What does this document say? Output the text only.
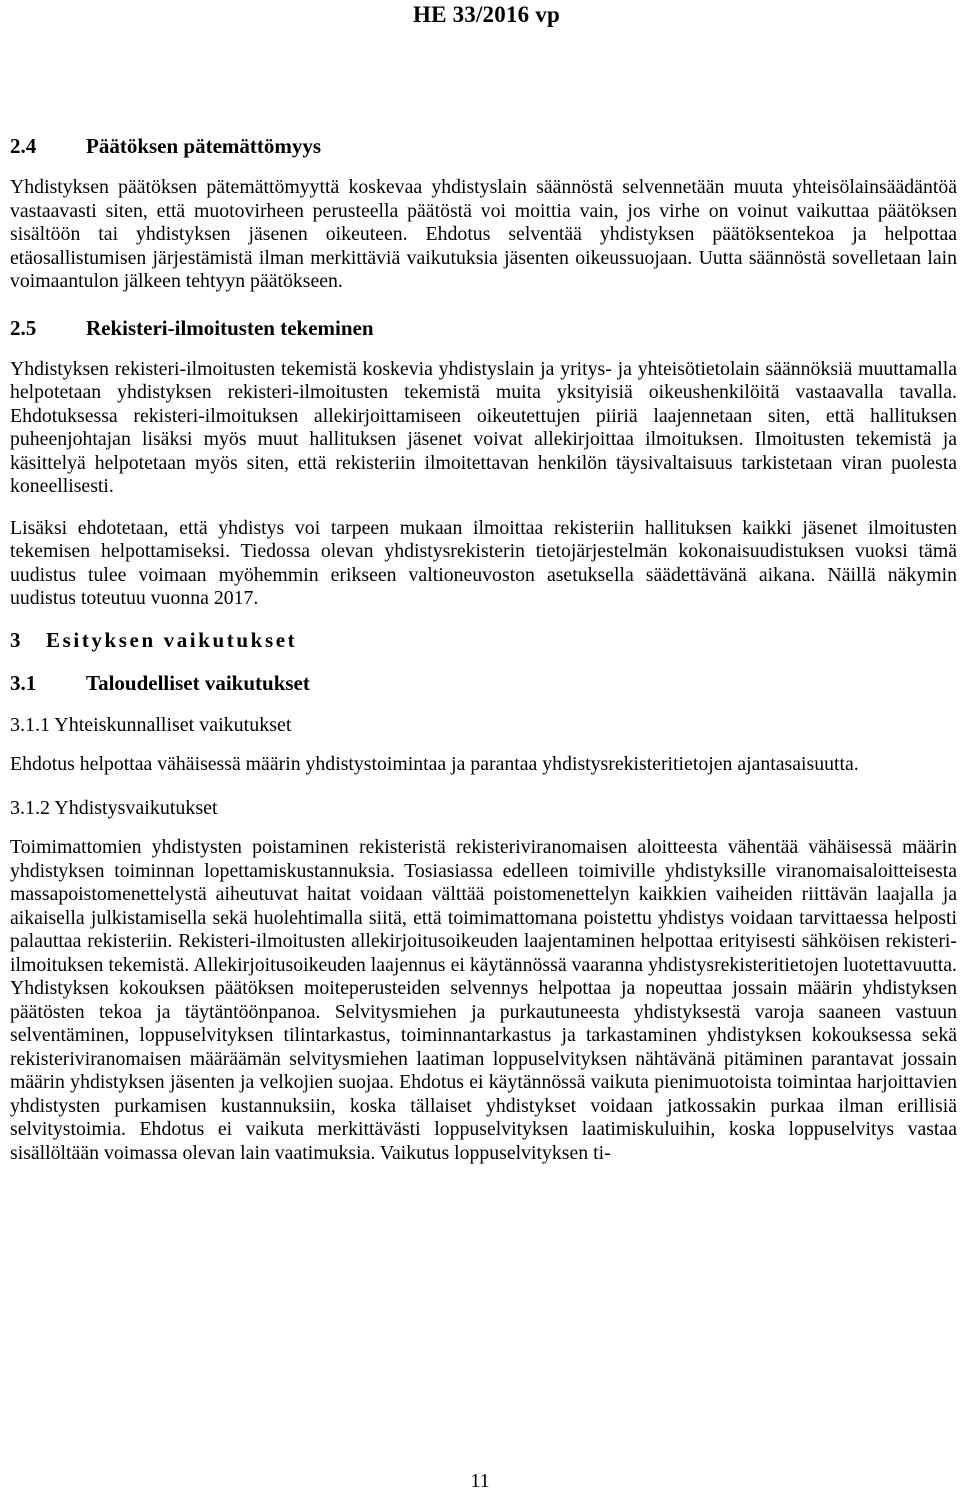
HE 33/2016 vp
2.4 Päätöksen pätemättömyys

Yhdistyksen päätöksen pätemättömyyttä koskevaa yhdistyslain säännöstä selvennetään muuta yhteisölainsäädäntöä vastaavasti siten, että muotovirheen perusteella päätöstä voi moittia vain, jos virhe on voinut vaikuttaa päätöksen sisältöön tai yhdistyksen jäsenen oikeuteen. Ehdotus selventää yhdistyksen päätöksentekoa ja helpottaa etäosallistumisen järjestämistä ilman merkittäviä vaikutuksia jäsenten oikeussuojaan. Uutta säännöstä sovelletaan lain voimaantulon jälkeen tehtyyn päätökseen.

2.5 Rekisteri-ilmoitusten tekeminen

Yhdistyksen rekisteri-ilmoitusten tekemistä koskevia yhdistyslain ja yritys- ja yhteisötietolain säännöksiä muuttamalla helpotetaan yhdistyksen rekisteri-ilmoitusten tekemistä muita yksityisiä oikeushenkilöitä vastaavalla tavalla. Ehdotuksessa rekisteri-ilmoituksen allekirjoittamiseen oikeutettujen piiriä laajennetaan siten, että hallituksen puheenjohtajan lisäksi myös muut hallituksen jäsenet voivat allekirjoittaa ilmoituksen. Ilmoitusten tekemistä ja käsittelyä helpotetaan myös siten, että rekisteriin ilmoitettavan henkilön täysivaltaisuus tarkistetaan viran puolesta koneellisesti.

Lisäksi ehdotetaan, että yhdistys voi tarpeen mukaan ilmoittaa rekisteriin hallituksen kaikki jäsenet ilmoitusten tekemisen helpottamiseksi. Tiedossa olevan yhdistysrekisterin tietojärjestelmän kokonaisuudistuksen vuoksi tämä uudistus tulee voimaan myöhemmin erikseen valtioneuvoston asetuksella säädettävänä aikana. Näillä näkymin uudistus toteutuu vuonna 2017.

3 Esityksen vaikutukset
3.1 Taloudelliset vaikutukset
3.1.1 Yhteiskunnalliset vaikutukset

Ehdotus helpottaa vähäisessä määrin yhdistystoimintaa ja parantaa yhdistysrekisteritietojen ajantasaisuutta.

3.1.2 Yhdistysvaikutukset

Toimimattomien yhdistysten poistaminen rekisteristä rekisteriviranomaisen aloitteesta vähentää vähäisessä määrin yhdistyksen toiminnan lopettamiskustannuksia. Tosiasiassa edelleen toimiville yhdistyksille viranomaisaloitteisesta massapoistomenettelystä aiheutuvat haitat voidaan välttää poistomenettelyn kaikkien vaiheiden riittävän laajalla ja aikaisella julkistamisella sekä huolehtimalla siitä, että toimimattomana poistettu yhdistys voidaan tarvittaessa helposti palauttaa rekisteriin. Rekisteri-ilmoitusten allekirjoitusoikeuden laajentaminen helpottaa erityisesti sähköisen rekisteri-ilmoituksen tekemistä. Allekirjoitusoikeuden laajennus ei käytännössä vaaranna yhdistysrekisteritietojen luotettavuutta. Yhdistyksen kokouksen päätöksen moiteperusteiden selvennys helpottaa ja nopeuttaa jossain määrin yhdistyksen päätösten tekoa ja täytäntöönpanoa. Selvitysmiehen ja purkautuneesta yhdistyksestä varoja saaneen vastuun selventäminen, loppuselvityksen tilintarkastus, toiminnantarkastus ja tarkastaminen yhdistyksen kokouksessa sekä rekisteriviranomaisen määräämän selvitysmiehen laatiman loppuselvityksen nähtävänä pitäminen parantavat jossain määrin yhdistyksen jäsenten ja velkojien suojaa. Ehdotus ei käytännössä vaikuta pienimuotoista toimintaa harjoittavien yhdistysten purkamisen kustannuksiin, koska tällaiset yhdistykset voidaan jatkossakin purkaa ilman erillisiä selvitystoimia. Ehdotus ei vaikuta merkittävästi loppuselvityksen laatimiskuluihin, koska loppuselvitys vastaa sisällöltään voimassa olevan lain vaatimuksia. Vaikutus loppuselvityksen ti-

11
